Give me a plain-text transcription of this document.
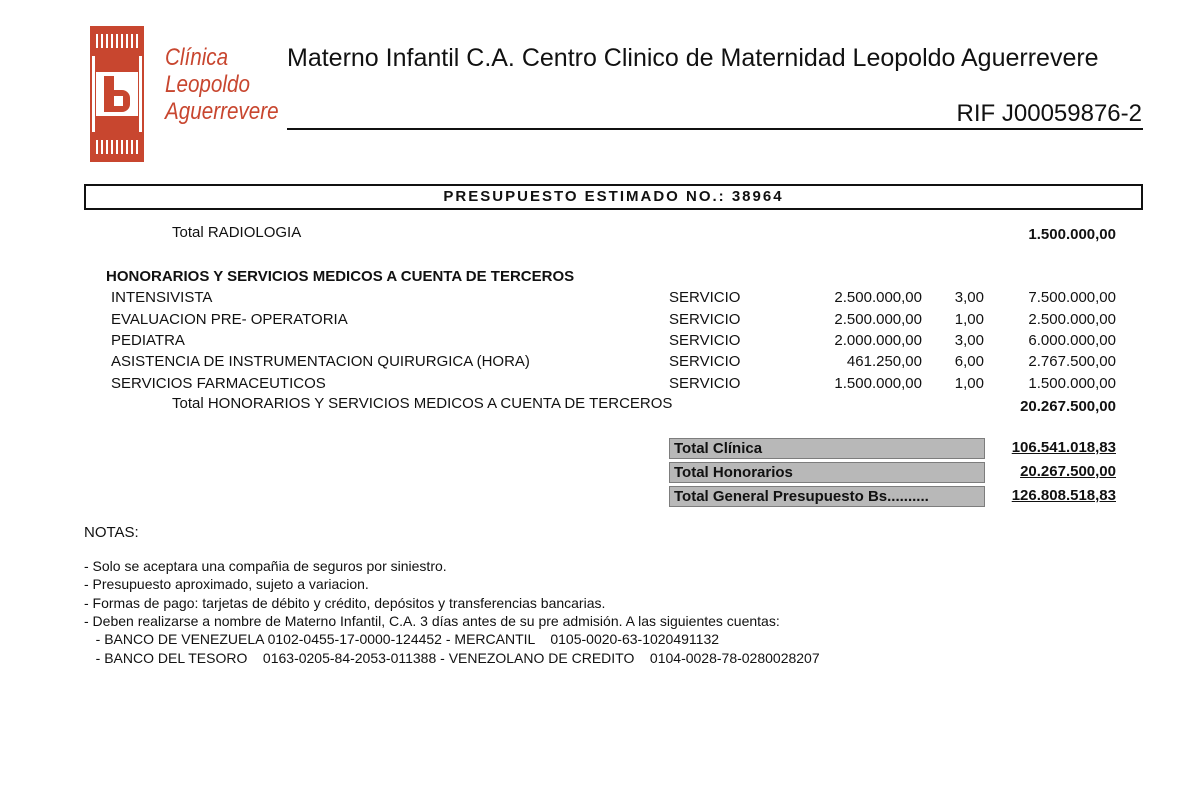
Clínica
Leopoldo
Aguerrevere
Materno Infantil C.A. Centro Clinico de Maternidad Leopoldo Aguerrevere
RIF J00059876-2
PRESUPUESTO ESTIMADO NO.: 38964
Total RADIOLOGIA	1.500.000,00
HONORARIOS Y SERVICIOS MEDICOS A CUENTA DE TERCEROS
INTENSIVISTA	SERVICIO	2.500.000,00 3,00	7.500.000,00
EVALUACION PRE- OPERATORIA	SERVICIO	2.500.000,00 1,00	2.500.000,00
PEDIATRA	SERVICIO	2.000.000,00 3,00	6.000.000,00
ASISTENCIA DE INSTRUMENTACION QUIRURGICA (HORA)	SERVICIO	461.250,00 6,00	2.767.500,00
SERVICIOS FARMACEUTICOS	SERVICIO	1.500.000,00 1,00	1.500.000,00
Total HONORARIOS Y SERVICIOS MEDICOS A CUENTA DE TERCEROS	20.267.500,00
Total Clínica	106.541.018,83
Total Honorarios	20.267.500,00
Total General Presupuesto Bs..........	126.808.518,83
NOTAS:
- Solo se aceptara una compañia de seguros por siniestro.
- Presupuesto aproximado, sujeto a variacion.
- Formas de pago: tarjetas de débito y crédito, depósitos y transferencias bancarias.
- Deben realizarse a nombre de Materno Infantil, C.A. 3 días antes de su pre admisión. A las siguientes cuentas:
- BANCO DE VENEZUELA 0102-0455-17-0000-124452 - MERCANTIL    0105-0020-63-1020491132
- BANCO DEL TESORO    0163-0205-84-2053-011388 - VENEZOLANO DE CREDITO    0104-0028-78-0280028207
